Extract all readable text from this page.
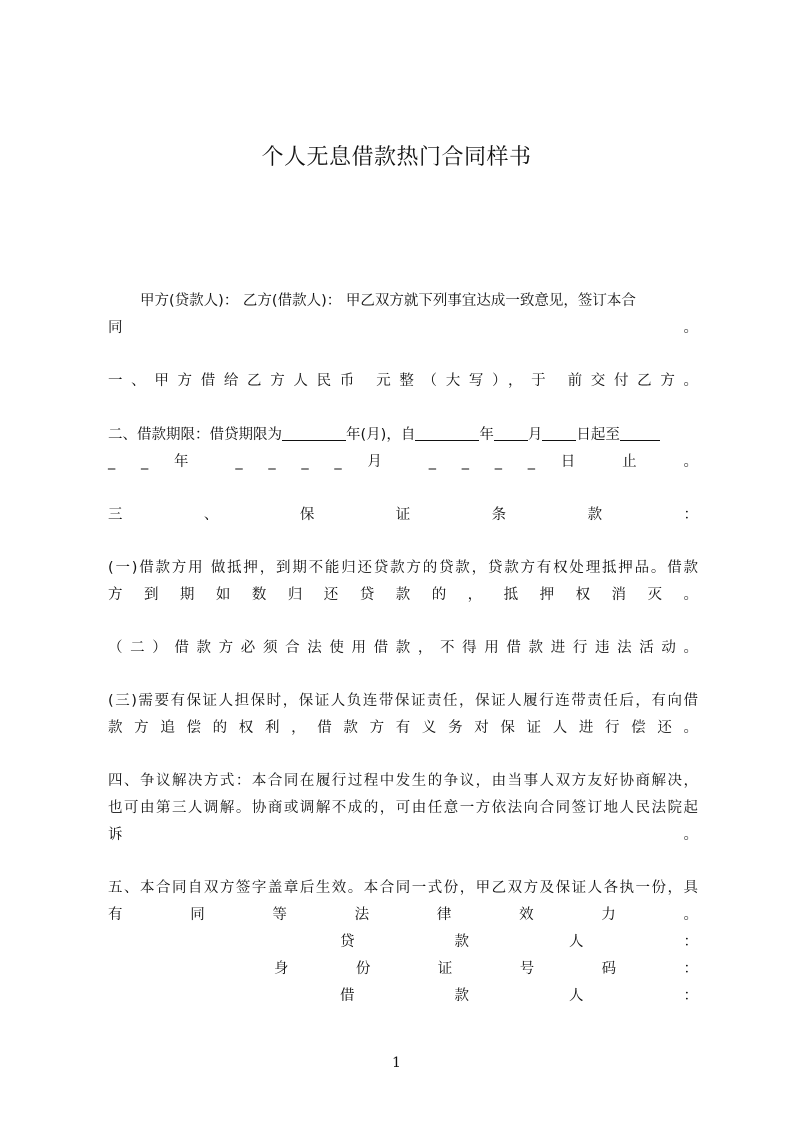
个人无息借款热门合同样书

甲方(贷款人)： 乙方(借款人)： 甲乙双方就下列事宜达成一致意见，签订本合

同 。

一、甲方借给乙方人民币 元整（大写），于 前交付乙方。

二、借款期限：借贷期限为	年(月)，自	年 月 日起至

_ _ 年 _ _ _ _ 月 _ _ _ _ 日 止 。

三 、 保 证 条 款 ：

(一)借款方用 做抵押，到期不能归还贷款方的贷款，贷款方有权处理抵押品。借款

方 到 期 如 数 归 还 贷 款 的 ， 抵 押 权 消 灭 。

（二）借款方必须合法使用借款，不得用借款进行违法活动。

(三)需要有保证人担保时，保证人负连带保证责任，保证人履行连带责任后，有向借

款 方 追 偿 的 权 利 ， 借 款 方 有 义 务 对 保 证 人 进 行 偿 还 。

四、争议解决方式：本合同在履行过程中发生的争议，由当事人双方友好协商解决，

也可由第三人调解。协商或调解不成的，可由任意一方依法向合同签订地人民法院起

诉 。

五、本合同自双方签字盖章后生效。本合同一式份，甲乙双方及保证人各执一份，具

有 同 等 法 律 效 力 。

贷 款 人 ：

身 份 证 号 码 ：

借 款 人 ：

1
